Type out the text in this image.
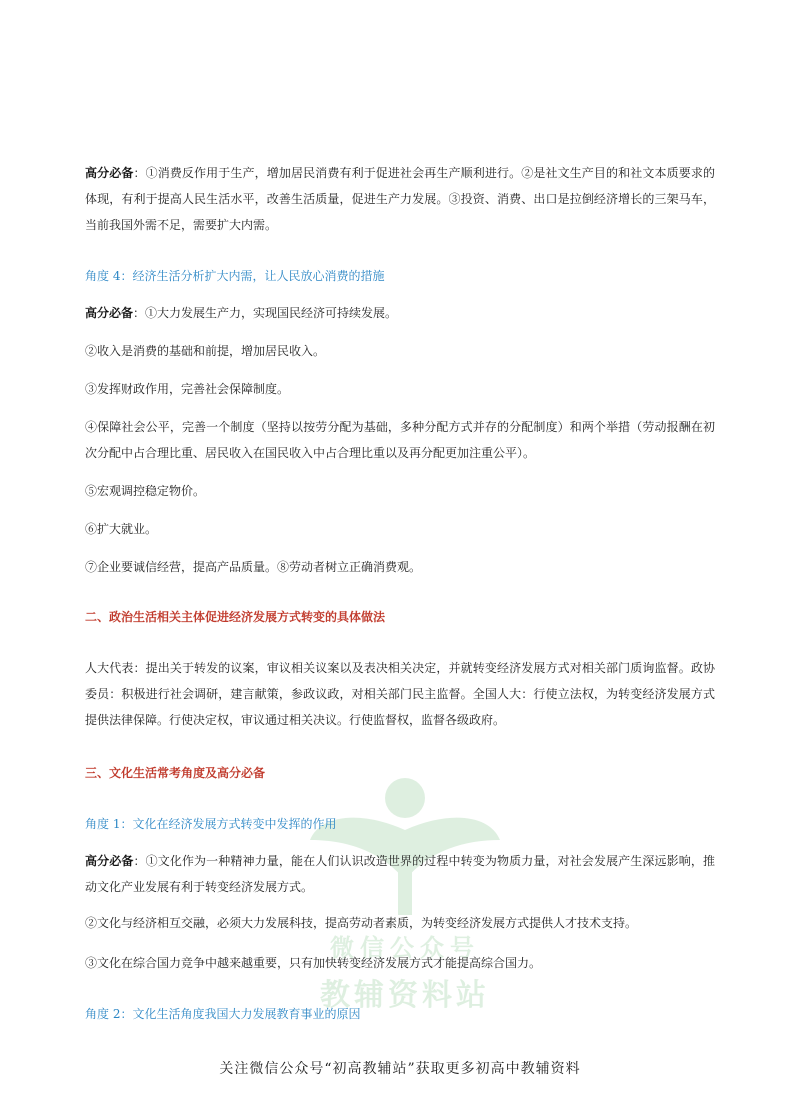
微信公众号
教辅资料站
高分必备：①消费反作用于生产，增加居民消费有利于促进社会再生产顺利进行。②是社文生产目的和社文本质要求的体现，有利于提高人民生活水平，改善生活质量，促进生产力发展。③投资、消费、出口是拉倒经济增长的三架马车，当前我国外需不足，需要扩大内需。
角度 4：经济生活分析扩大内需，让人民放心消费的措施
高分必备：①大力发展生产力，实现国民经济可持续发展。
②收入是消费的基础和前提，增加居民收入。
③发挥财政作用，完善社会保障制度。
④保障社会公平，完善一个制度（坚持以按劳分配为基础，多种分配方式并存的分配制度）和两个举措（劳动报酬在初次分配中占合理比重、居民收入在国民收入中占合理比重以及再分配更加注重公平）。
⑤宏观调控稳定物价。
⑥扩大就业。
⑦企业要诚信经营，提高产品质量。⑧劳动者树立正确消费观。
二、政治生活相关主体促进经济发展方式转变的具体做法
人大代表：提出关于转发的议案，审议相关议案以及表决相关决定，并就转变经济发展方式对相关部门质询监督。政协委员：积极进行社会调研，建言献策，参政议政，对相关部门民主监督。全国人大：行使立法权，为转变经济发展方式提供法律保障。行使决定权，审议通过相关决议。行使监督权，监督各级政府。
三、文化生活常考角度及高分必备
角度 1：文化在经济发展方式转变中发挥的作用
高分必备：①文化作为一种精神力量，能在人们认识改造世界的过程中转变为物质力量，对社会发展产生深远影响，推动文化产业发展有利于转变经济发展方式。
②文化与经济相互交融，必须大力发展科技，提高劳动者素质，为转变经济发展方式提供人才技术支持。
③文化在综合国力竞争中越来越重要，只有加快转变经济发展方式才能提高综合国力。
角度 2：文化生活角度我国大力发展教育事业的原因
关注微信公众号“初高教辅站”获取更多初高中教辅资料
